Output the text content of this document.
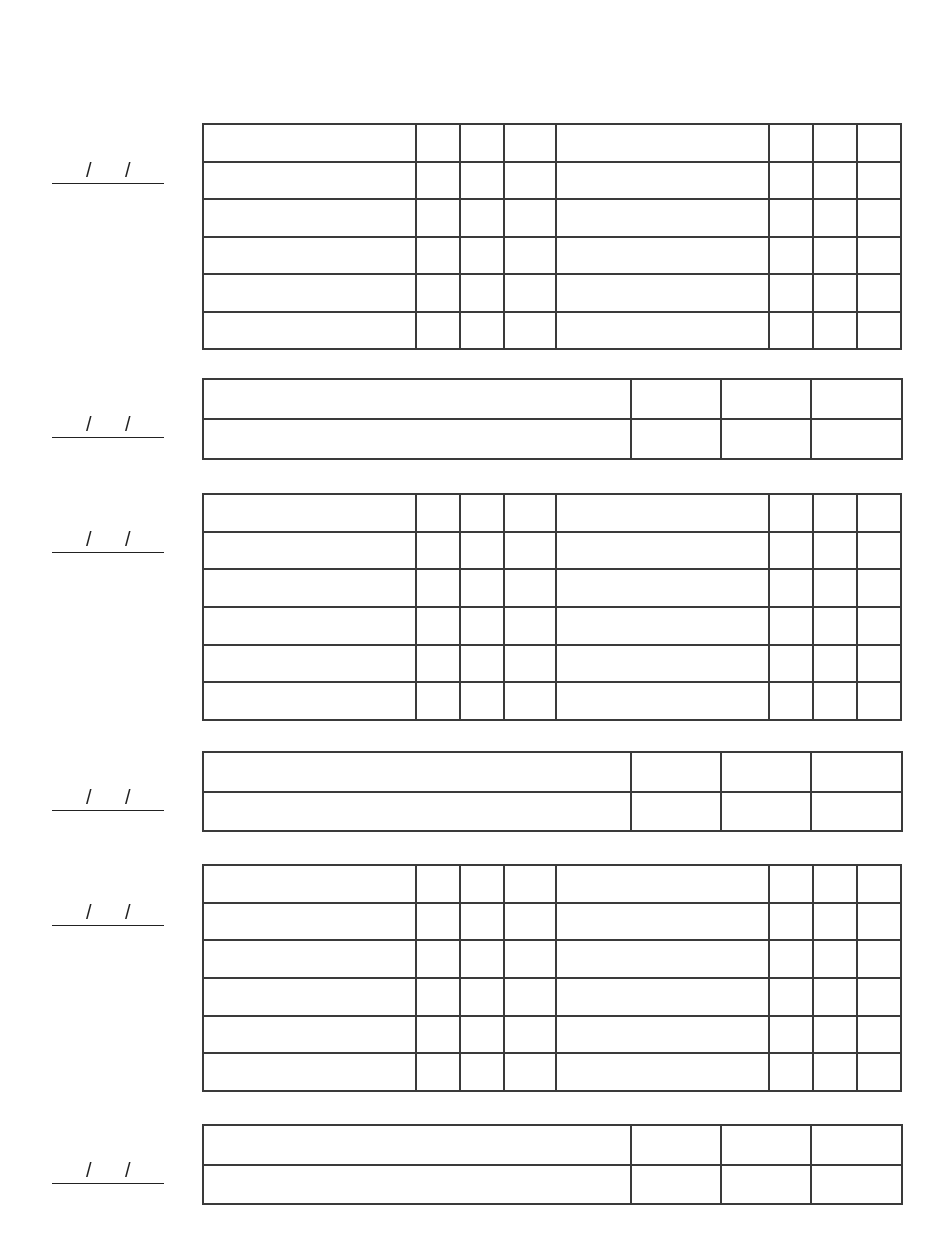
/ /

/ /

/ /

/ /

/ /

/ /
